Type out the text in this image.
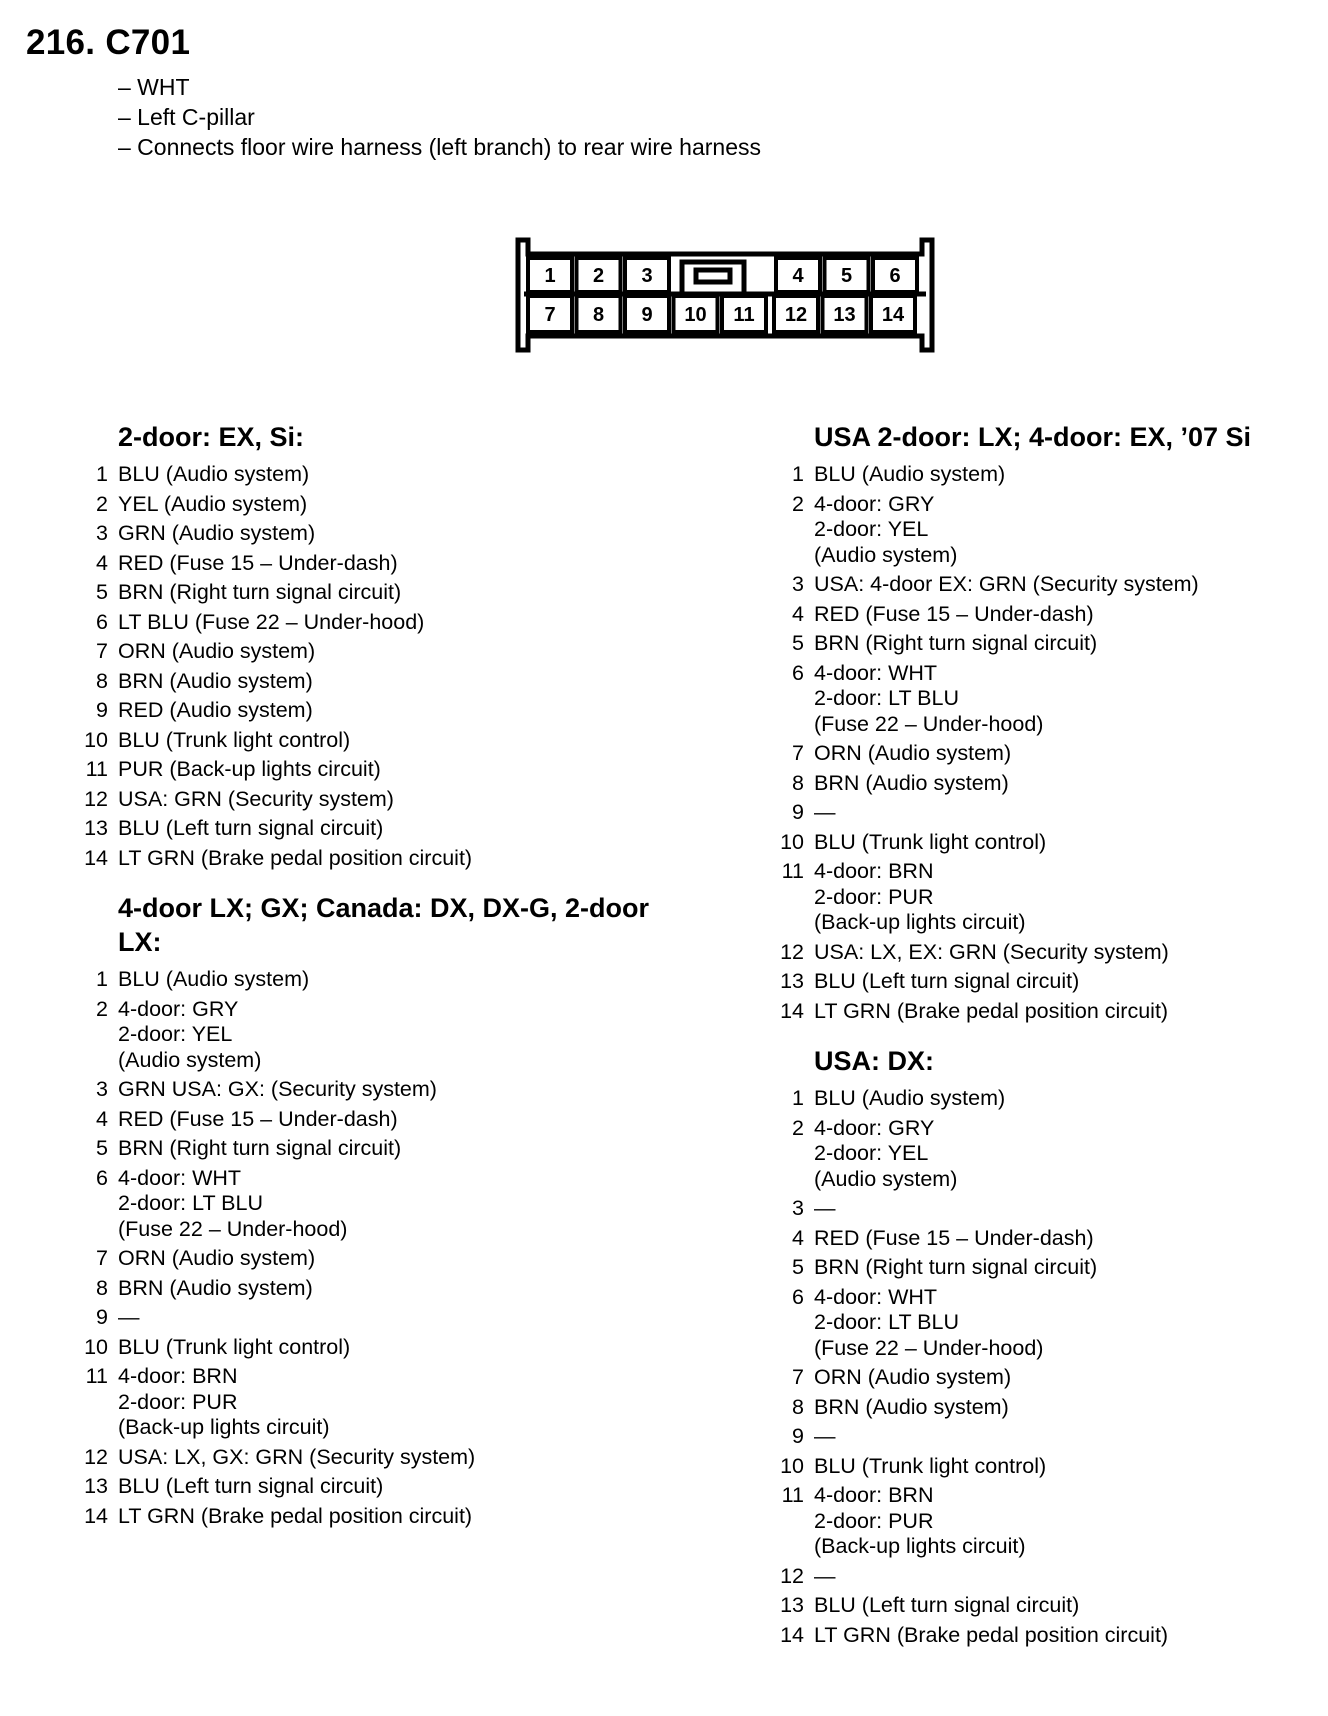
216. C701
– WHT
– Left C-pillar
– Connects floor wire harness (left branch) to rear wire harness
1 2 3	4 5 6
7 8 9 10 11 12 13 14
2-door: EX, Si:
1 BLU (Audio system)
2 YEL (Audio system)
3 GRN (Audio system)
4 RED (Fuse 15 – Under-dash)
5 BRN (Right turn signal circuit)
6 LT BLU (Fuse 22 – Under-hood)
7 ORN (Audio system)
8 BRN (Audio system)
9 RED (Audio system)
10 BLU (Trunk light control)
11 PUR (Back-up lights circuit)
12 USA: GRN (Security system)
13 BLU (Left turn signal circuit)
14 LT GRN (Brake pedal position circuit)
4-door LX; GX; Canada: DX, DX-G, 2-door LX:
1 BLU (Audio system)
2 4-door: GRY
2-door: YEL
(Audio system)
3 GRN USA: GX: (Security system)
4 RED (Fuse 15 – Under-dash)
5 BRN (Right turn signal circuit)
6 4-door: WHT
2-door: LT BLU
(Fuse 22 – Under-hood)
7 ORN (Audio system)
8 BRN (Audio system)
9 —
10 BLU (Trunk light control)
11 4-door: BRN
2-door: PUR
(Back-up lights circuit)
12 USA: LX, GX: GRN (Security system)
13 BLU (Left turn signal circuit)
14 LT GRN (Brake pedal position circuit)
USA 2-door: LX; 4-door: EX, ’07 Si
1 BLU (Audio system)
2 4-door: GRY
2-door: YEL
(Audio system)
3 USA: 4-door EX: GRN (Security system)
4 RED (Fuse 15 – Under-dash)
5 BRN (Right turn signal circuit)
6 4-door: WHT
2-door: LT BLU
(Fuse 22 – Under-hood)
7 ORN (Audio system)
8 BRN (Audio system)
9 —
10 BLU (Trunk light control)
11 4-door: BRN
2-door: PUR
(Back-up lights circuit)
12 USA: LX, EX: GRN (Security system)
13 BLU (Left turn signal circuit)
14 LT GRN (Brake pedal position circuit)
USA: DX:
1 BLU (Audio system)
2 4-door: GRY
2-door: YEL
(Audio system)
3 —
4 RED (Fuse 15 – Under-dash)
5 BRN (Right turn signal circuit)
6 4-door: WHT
2-door: LT BLU
(Fuse 22 – Under-hood)
7 ORN (Audio system)
8 BRN (Audio system)
9 —
10 BLU (Trunk light control)
11 4-door: BRN
2-door: PUR
(Back-up lights circuit)
12 —
13 BLU (Left turn signal circuit)
14 LT GRN (Brake pedal position circuit)
